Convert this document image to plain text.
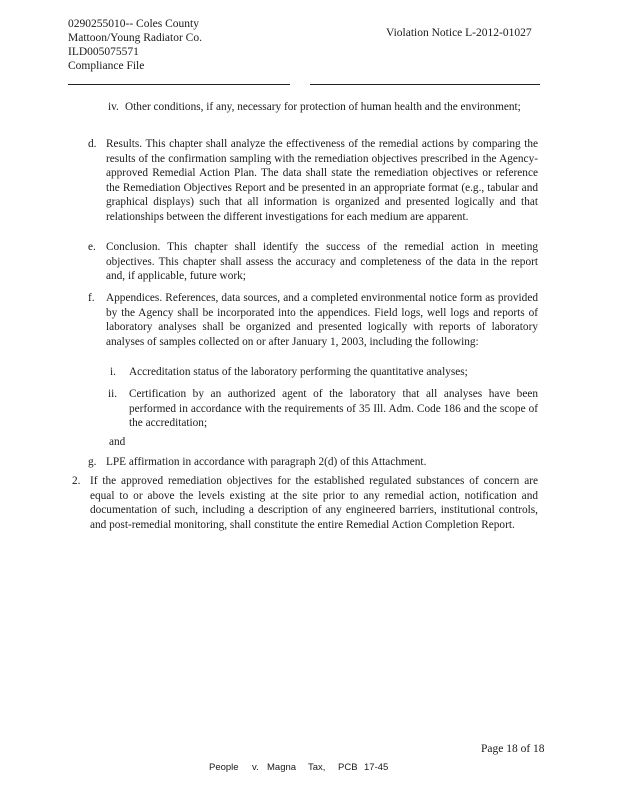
0290255010-- Coles County
Mattoon/Young Radiator Co.
ILD005075571
Compliance File
Violation Notice L-2012-01027
iv. Other conditions, if any, necessary for protection of human health and the environment;
d. Results. This chapter shall analyze the effectiveness of the remedial actions by comparing the results of the confirmation sampling with the remediation objectives prescribed in the Agency-approved Remedial Action Plan. The data shall state the remediation objectives or reference the Remediation Objectives Report and be presented in an appropriate format (e.g., tabular and graphical displays) such that all information is organized and presented logically and that relationships between the different investigations for each medium are apparent.
e. Conclusion. This chapter shall identify the success of the remedial action in meeting objectives. This chapter shall assess the accuracy and completeness of the data in the report and, if applicable, future work;
f. Appendices. References, data sources, and a completed environmental notice form as provided by the Agency shall be incorporated into the appendices. Field logs, well logs and reports of laboratory analyses shall be organized and presented logically with reports of laboratory analyses of samples collected on or after January 1, 2003, including the following:
i. Accreditation status of the laboratory performing the quantitative analyses;
ii. Certification by an authorized agent of the laboratory that all analyses have been performed in accordance with the requirements of 35 Ill. Adm. Code 186 and the scope of the accreditation;
and
g. LPE affirmation in accordance with paragraph 2(d) of this Attachment.
2. If the approved remediation objectives for the established regulated substances of concern are equal to or above the levels existing at the site prior to any remedial action, notification and documentation of such, including a description of any engineered barriers, institutional controls, and post-remedial monitoring, shall constitute the entire Remedial Action Completion Report.
Page 18 of 18
People v. Magna Tax, PCB 17-45
